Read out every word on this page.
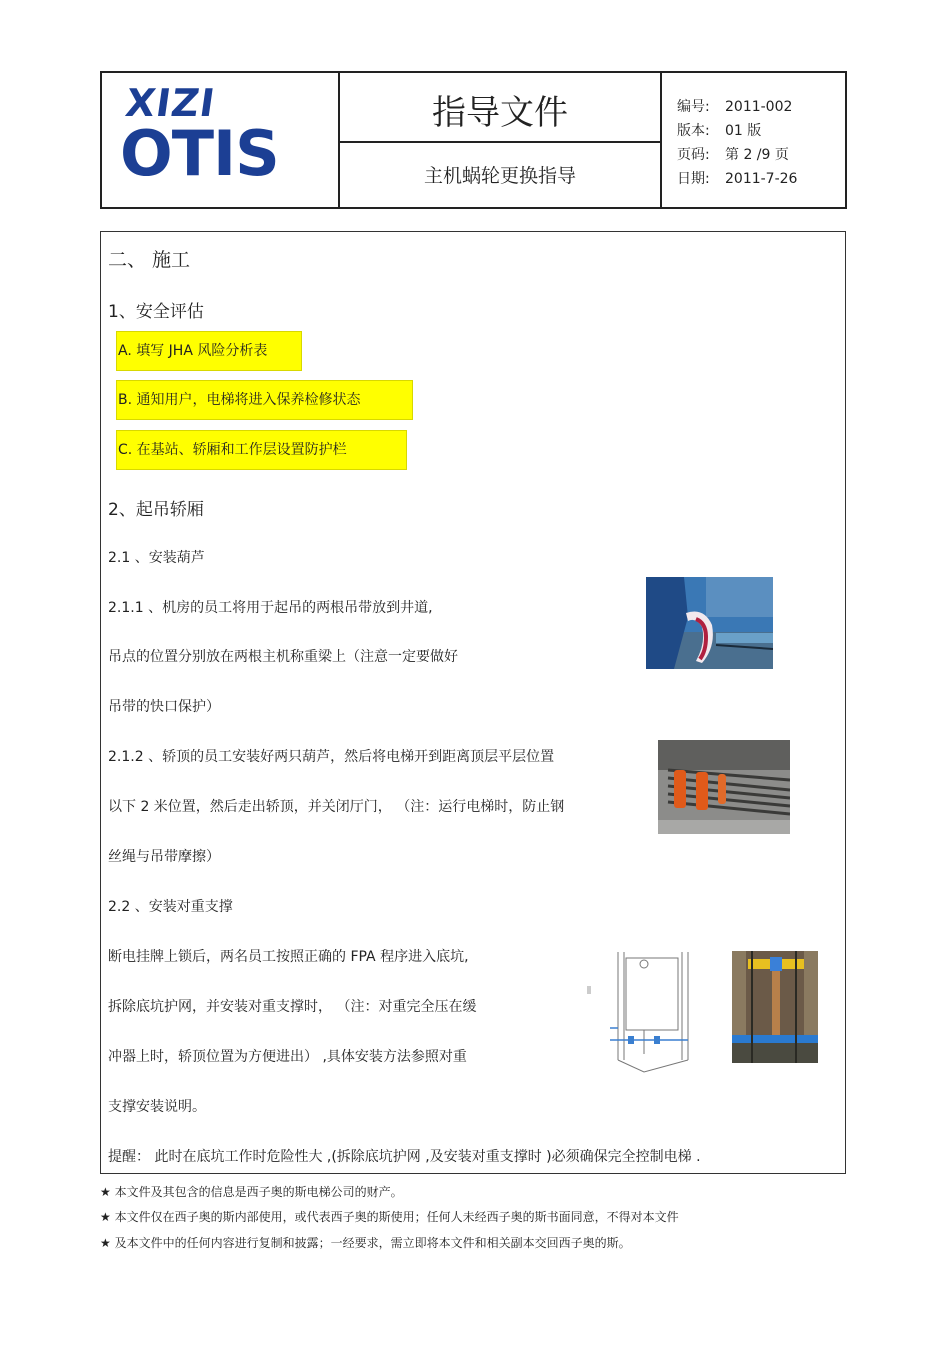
XIZI
OTIS
指导文件
主机蜗轮更换指导
编号: 2011-002
版本: 01 版
页码: 第 2 /9 页
日期: 2011-7-26
二、 施工
1、安全评估
A. 填写 JHA 风险分析表
B. 通知用户，电梯将进入保养检修状态
C. 在基站、轿厢和工作层设置防护栏
2、起吊轿厢
2.1 、安装葫芦
2.1.1 、机房的员工将用于起吊的两根吊带放到井道,
吊点的位置分别放在两根主机称重梁上（注意一定要做好
吊带的快口保护）
2.1.2 、轿顶的员工安装好两只葫芦，然后将电梯开到距离顶层平层位置
以下 2 米位置，然后走出轿顶，并关闭厅门， （注：运行电梯时，防止钢
丝绳与吊带摩擦）
2.2 、安装对重支撑
断电挂牌上锁后，两名员工按照正确的 FPA 程序进入底坑,
拆除底坑护网，并安装对重支撑时， （注：对重完全压在缓
冲器上时，轿顶位置为方便进出） ,具体安装方法参照对重
支撑安装说明。
提醒： 此时在底坑工作时危险性大 ,(拆除底坑护网 ,及安装对重支撑时 )必须确保完全控制电梯 .
★ 本文件及其包含的信息是西子奥的斯电梯公司的财产。
★ 本文件仅在西子奥的斯内部使用，或代表西子奥的斯使用；任何人未经西子奥的斯书面同意，不得对本文件
★ 及本文件中的任何内容进行复制和披露；一经要求，需立即将本文件和相关副本交回西子奥的斯。
